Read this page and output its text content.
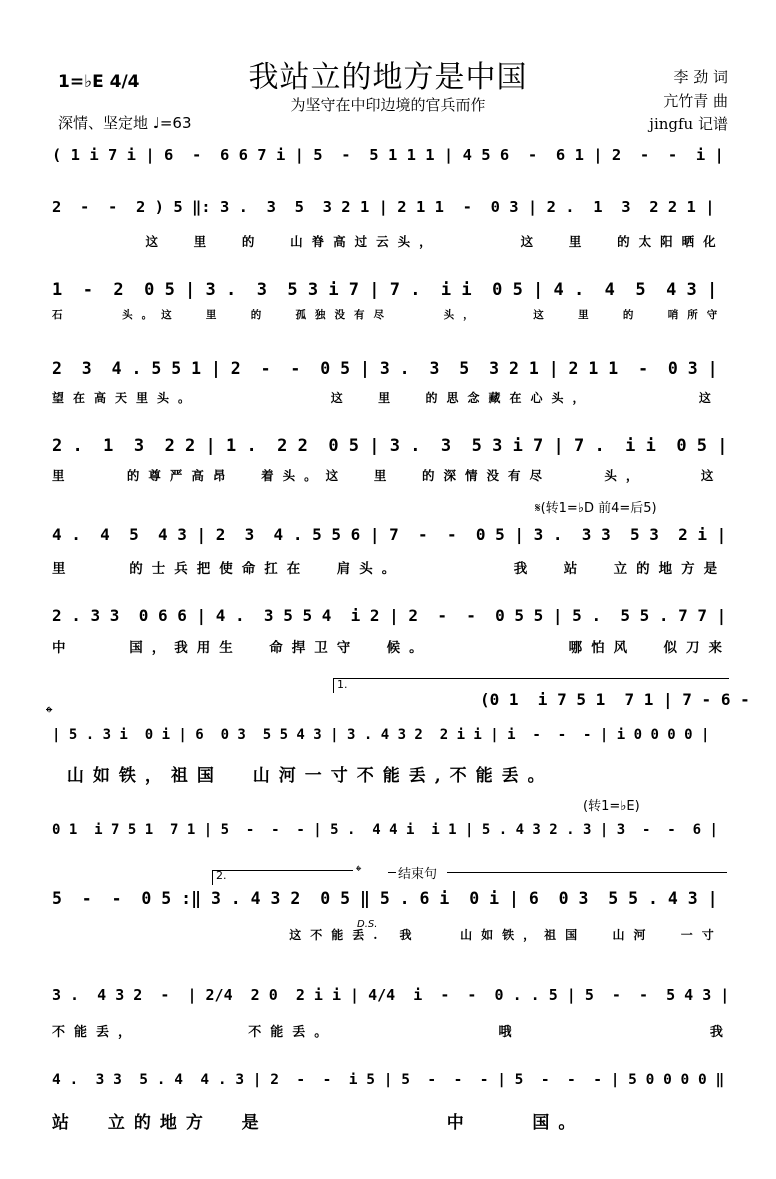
我站立的地方是中国
为坚守在中印边境的官兵而作
1=♭E 4/4
深情、坚定地 ♩=63
李 劲 词
亢竹青 曲
jingfu 记谱
( 1 i 7 i | 6  -  6 6 7 i | 5  -  5 1 1 1 | 4 5 6  -  6 1 | 2  -  -  i |
2  -  -  2 ) 5 ‖: 3 .  3  5  3 2 1 | 2 1 1  -  0 3 | 2 .  1  3  2 2 1 |
这  里  的  山脊高过云头，      这  里  的太阳晒化
1  -  2  0 5 | 3 .  3  5 3 i 7 | 7 .  i i  0 5 | 4 .  4  5  4 3 |
石    头。这  里  的  孤独没有尽    头，    这  里  的  哨所守
2  3  4 . 5 5 1 | 2  -  -  0 5 | 3 .  3  5  3 2 1 | 2 1 1  -  0 3 |
望在高天里头。          这  里  的思念藏在心头，        这
2 .  1  3  2 2 | 1 .  2 2  0 5 | 3 .  3  5 3 i 7 | 7 .  i i  0 5 |
里    的尊严高昂  着头。这  里  的深情没有尽    头，    这
𝄋(转1=♭D 前4=后5)
4 .  4  5  4 3 | 2  3  4 . 5 5 6 | 7  -  -  0 5 | 3 .  3 3  5 3  2 i |
里    的士兵把使命扛在  肩头。        我  站  立的地方是
2 . 3 3  0 6 6 | 4 .  3 5 5 4  i 2 | 2  -  -  0 5 5 | 5 .  5 5 . 7 7 |
中    国，我用生  命捍卫守  候。          哪怕风  似刀来
1.
(0 1  i 7 5 1  7 1 | 7 - 6 -
𝄌
| 5 . 3 i  0 i | 6  0 3  5 5 4 3 | 3 . 4 3 2  2 i i | i  -  -  - | i 0 0 0 0 |
山如铁，祖国  山河一寸不能丢,不能丢。
(转1=♭E)
0 1  i 7 5 1  7 1 | 5  -  -  - | 5 .  4 4 i  i 1 | 5 . 4 3 2 . 3 | 3  -  -  6 |
2.	𝄌	结束句
5  -  -  0 5 :‖ 3 . 4 3 2  0 5 ‖ 5 . 6 i  0 i | 6  0 3  5 5 . 4 3 |
D.S.
这不能丢. 我   山如铁，祖国  山河  一寸
3 .  4 3 2  -  | 2/4  2 0  2 i i | 4/4  i  -  -  0 . . 5 | 5  -  -  5 4 3 |
不能丢，        不能丢。            哦              我
4 .  3 3  5 . 4  4 . 3 | 2  -  -  i 5 | 5  -  -  - | 5  -  -  - | 5 0 0 0 0 ‖
站  立的地方  是            中    国。
